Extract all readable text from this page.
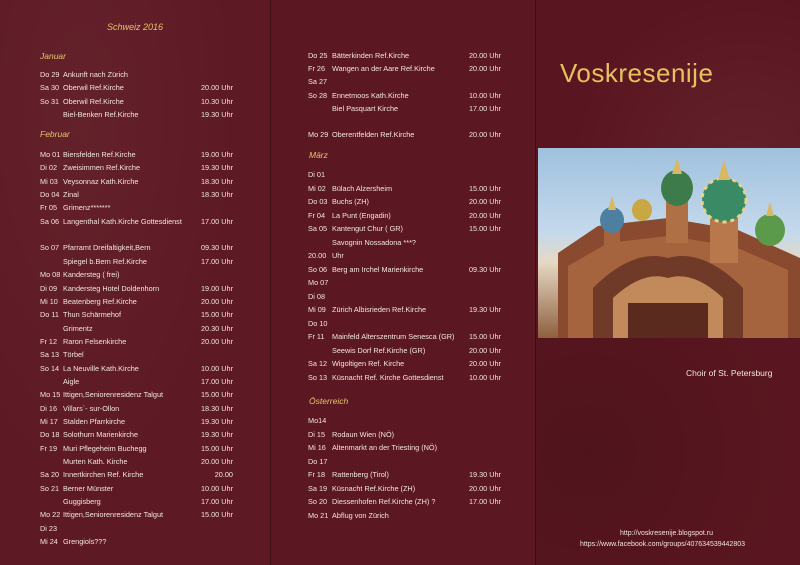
Schweiz 2016
Januar
Do 29 Ankunft nach Zürich
Sa 30 Oberwil Ref.Kirche	20.00 Uhr
So 31 Oberwil Ref.Kirche	10.30 Uhr
Biel-Benken Ref.Kirche	19.30 Uhr
Februar
Mo 01 Biersfelden Ref.Kirche	19.00 Uhr
Di 02 Zweisimmen Ref.Kirche	19.30 Uhr
Mi 03 Veysonnaz Kath.Kirche	18.30 Uhr
Do 04 Zinal	18.30 Uhr
Fr 05 Grimenz*******
Sa 06 Langenthal Kath.Kirche Gottesdienst	17.00 Uhr
So 07 Pfarramt Dreifaltigkeit,Bern	09.30 Uhr
Spiegel b.Bern Ref.Kirche	17.00 Uhr
Mo 08 Kandersteg ( frei)
Di 09 Kandersteg Hotel Doldenhorn	19.00 Uhr
Mi 10 Beatenberg Ref.Kirche	20.00 Uhr
Do 11 Thun Schärmehof	15.00 Uhr
Grimentz	20.30 Uhr
Fr 12 Raron Felsenkirche	20.00 Uhr
Sa 13 Törbel
So 14 La Neuville Kath.Kirche	10.00 Uhr
Aigle	17.00 Uhr
Mo 15 Ittigen,Seniorenresidenz Talgut	15.00 Uhr
Di 16 Villars`- sur-Ollon	18.30 Uhr
Mi 17 Stalden Pfarrkirche	19.30 Uhr
Do 18 Solothurn Marienkirche	19.30 Uhr
Fr 19 Muri Pflegeheim Buchegg	15.00 Uhr
Murten Kath. Kirche	20.00 Uhr
Sa 20 Innertkirchen Ref. Kirche	20.00
So 21 Berner Münster	10.00 Uhr
Guggisberg	17.00 Uhr
Mo 22 Ittigen,Seniorenresidenz Talgut	15.00 Uhr
Di 23
Mi 24 Grengiols???
Do 25 Bätterkinden Ref.Kirche	20.00 Uhr
Fr 26 Wangen an der Aare Ref.Kirche	20.00 Uhr
Sa 27
So 28 Ennetmoos Kath.Kirche	10.00 Uhr
Biel Pasquart Kirche	17.00 Uhr
Mo 29 Oberentfelden Ref.Kirche	20.00 Uhr
März
Di 01
Mi 02 Bülach Alzersheim	15.00 Uhr
Do 03 Buchs (ZH)	20.00 Uhr
Fr 04 La Punt (Engadin)	20.00 Uhr
Sa 05 Kantengut Chur ( GR)	15.00 Uhr
Savognin Nossadona ***?
20.00 Uhr
So 06 Berg am Irchel Marienkirche	09.30 Uhr
Mo 07
Di 08
Mi 09 Zürich Albisrieden Ref.Kirche	19.30 Uhr
Do 10
Fr 11 Mainfeld Alterszentrum Senesca (GR) 15.00 Uhr
Seewis Dorf Ref.Kirche (GR)	20.00 Uhr
Sa 12 Wigoltigen Ref. Kirche	20.00 Uhr
So 13 Küsnacht Ref. Kirche Gottesdienst	10.00 Uhr
Österreich
Mo14
Di 15 Rodaun Wien (NÖ)
Mi 16 Altenmarkt an der Triesting (NÖ)
Do 17
Fr 18 Rattenberg (Tirol)	19.30 Uhr
Sa 19 Küsnacht Ref.Kirche (ZH)	20.00 Uhr
So 20 Diessenhofen Ref.Kirche (ZH) ?	17.00 Uhr
Mo 21 Abflug von Zürich
Voskresenije
Choir of St. Petersburg
http://voskresenije.blogspot.ru
https://www.facebook.com/groups/407634539442803
